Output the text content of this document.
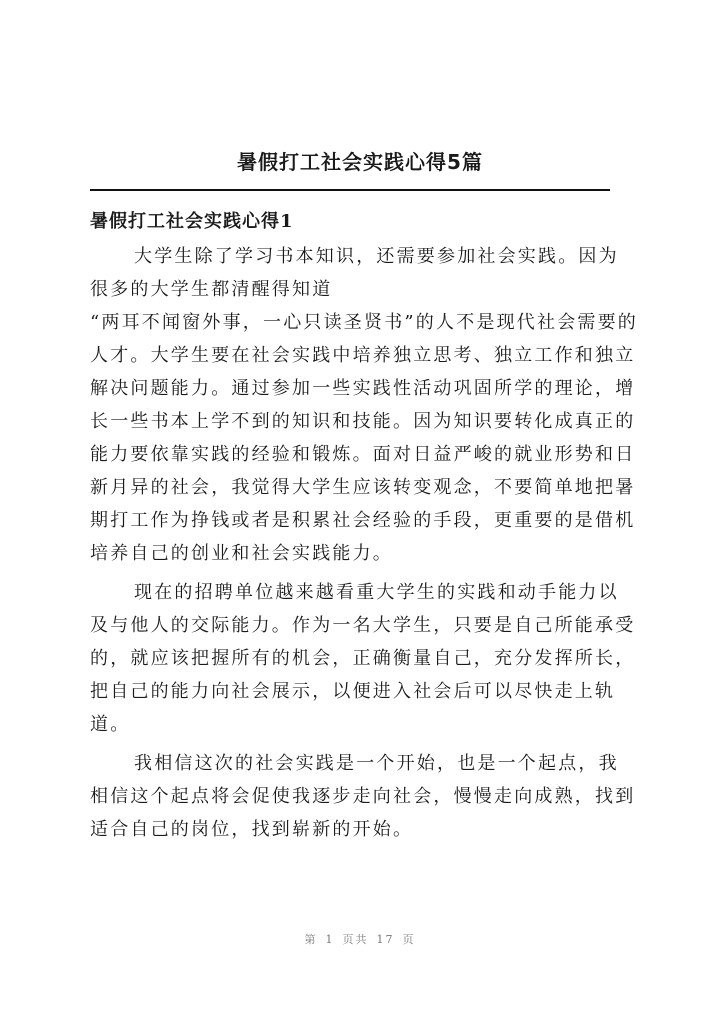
暑假打工社会实践心得5篇
暑假打工社会实践心得1

大学生除了学习书本知识，还需要参加社会实践。因为很多的大学生都清醒得知道

“两耳不闻窗外事，一心只读圣贤书”的人不是现代社会需要的人才。大学生要在社会实践中培养独立思考、独立工作和独立解决问题能力。通过参加一些实践性活动巩固所学的理论，增长一些书本上学不到的知识和技能。因为知识要转化成真正的能力要依靠实践的经验和锻炼。面对日益严峻的就业形势和日新月异的社会，我觉得大学生应该转变观念，不要简单地把暑期打工作为挣钱或者是积累社会经验的手段，更重要的是借机培养自己的创业和社会实践能力。

现在的招聘单位越来越看重大学生的实践和动手能力以及与他人的交际能力。作为一名大学生，只要是自己所能承受的，就应该把握所有的机会，正确衡量自己，充分发挥所长，把自己的能力向社会展示，以便进入社会后可以尽快走上轨道。

我相信这次的社会实践是一个开始，也是一个起点，我相信这个起点将会促使我逐步走向社会，慢慢走向成熟，找到适合自己的岗位，找到崭新的开始。

第 1 页共 17 页
